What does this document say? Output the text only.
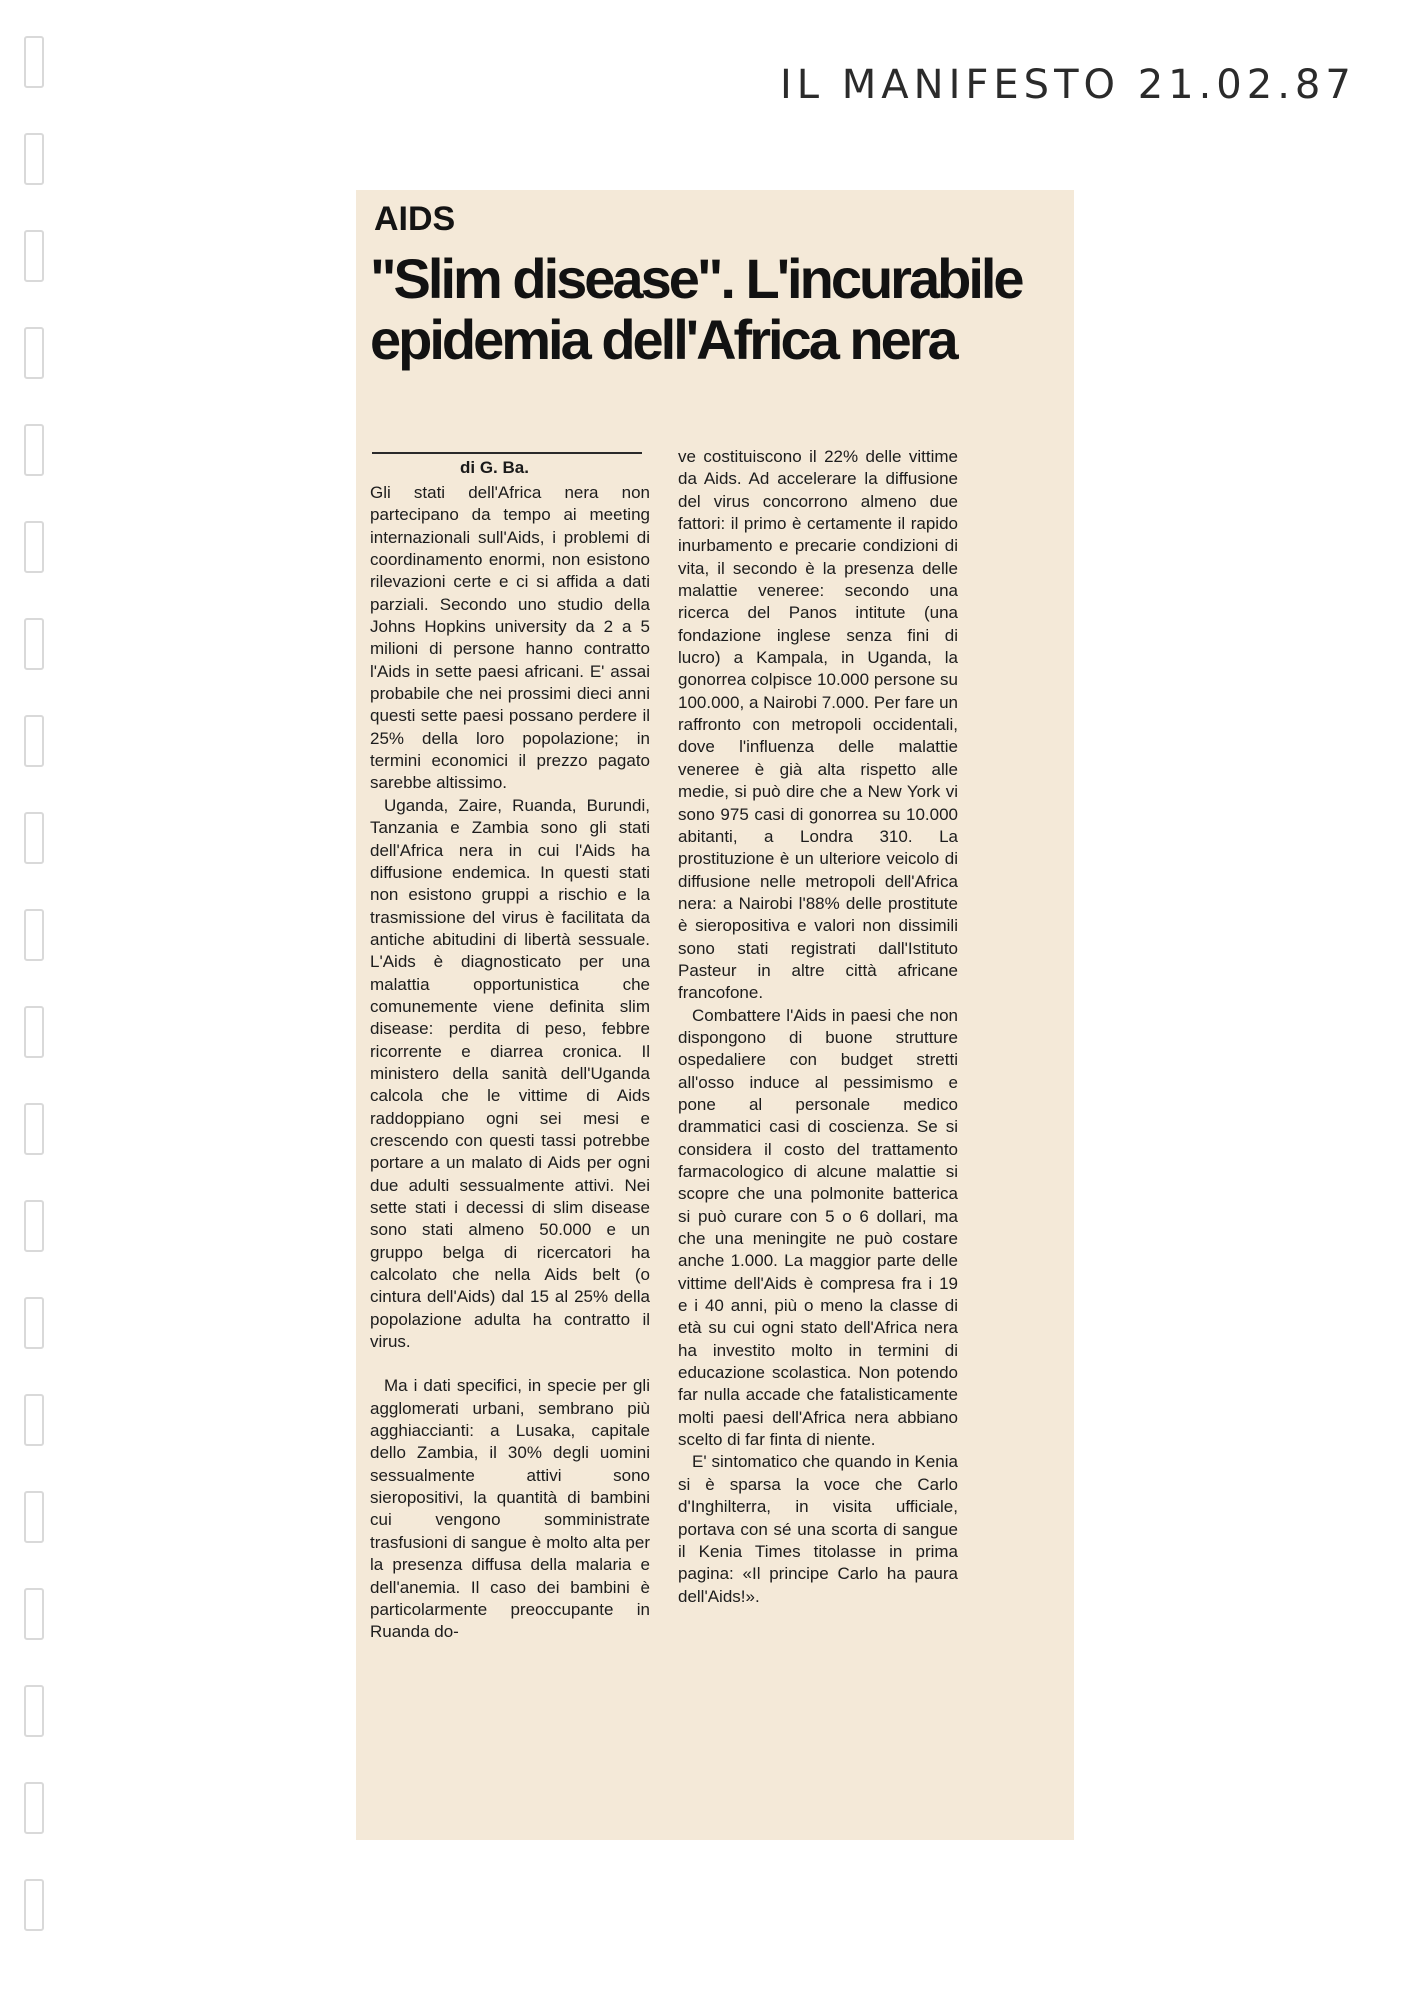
IL MANIFESTO 21.02.87
AIDS
"Slim disease". L'incurabile epidemia dell'Africa nera
di G. Ba.

Gli stati dell'Africa nera non partecipano da tempo ai meeting internazionali sull'Aids, i problemi di coordinamento enormi, non esistono rilevazioni certe e ci si affida a dati parziali. Secondo uno studio della Johns Hopkins university da 2 a 5 milioni di persone hanno contratto l'Aids in sette paesi africani. E' assai probabile che nei prossimi dieci anni questi sette paesi possano perdere il 25% della loro popolazione; in termini economici il prezzo pagato sarebbe altissimo.

Uganda, Zaire, Ruanda, Burundi, Tanzania e Zambia sono gli stati dell'Africa nera in cui l'Aids ha diffusione endemica. In questi stati non esistono gruppi a rischio e la trasmissione del virus è facilitata da antiche abitudini di libertà sessuale. L'Aids è diagnosticato per una malattia opportunistica che comunemente viene definita slim disease: perdita di peso, febbre ricorrente e diarrea cronica. Il ministero della sanità dell'Uganda calcola che le vittime di Aids raddoppiano ogni sei mesi e crescendo con questi tassi potrebbe portare a un malato di Aids per ogni due adulti sessualmente attivi. Nei sette stati i decessi di slim disease sono stati almeno 50.000 e un gruppo belga di ricercatori ha calcolato che nella Aids belt (o cintura dell'Aids) dal 15 al 25% della popolazione adulta ha contratto il virus.

Ma i dati specifici, in specie per gli agglomerati urbani, sembrano più agghiaccianti: a Lusaka, capitale dello Zambia, il 30% degli uomini sessualmente attivi sono sieropositivi, la quantità di bambini cui vengono somministrate trasfusioni di sangue è molto alta per la presenza diffusa della malaria e dell'anemia. Il caso dei bambini è particolarmente preoccupante in Ruanda do-

ve costituiscono il 22% delle vittime da Aids. Ad accelerare la diffusione del virus concorrono almeno due fattori: il primo è certamente il rapido inurbamento e precarie condizioni di vita, il secondo è la presenza delle malattie veneree: secondo una ricerca del Panos intitute (una fondazione inglese senza fini di lucro) a Kampala, in Uganda, la gonorrea colpisce 10.000 persone su 100.000, a Nairobi 7.000. Per fare un raffronto con metropoli occidentali, dove l'influenza delle malattie veneree è già alta rispetto alle medie, si può dire che a New York vi sono 975 casi di gonorrea su 10.000 abitanti, a Londra 310. La prostituzione è un ulteriore veicolo di diffusione nelle metropoli dell'Africa nera: a Nairobi l'88% delle prostitute è sieropositiva e valori non dissimili sono stati registrati dall'Istituto Pasteur in altre città africane francofone.

Combattere l'Aids in paesi che non dispongono di buone strutture ospedaliere con budget stretti all'osso induce al pessimismo e pone al personale medico drammatici casi di coscienza. Se si considera il costo del trattamento farmacologico di alcune malattie si scopre che una polmonite batterica si può curare con 5 o 6 dollari, ma che una meningite ne può costare anche 1.000. La maggior parte delle vittime dell'Aids è compresa fra i 19 e i 40 anni, più o meno la classe di età su cui ogni stato dell'Africa nera ha investito molto in termini di educazione scolastica. Non potendo far nulla accade che fatalisticamente molti paesi dell'Africa nera abbiano scelto di far finta di niente.

E' sintomatico che quando in Kenia si è sparsa la voce che Carlo d'Inghilterra, in visita ufficiale, portava con sé una scorta di sangue il Kenia Times titolasse in prima pagina: «Il principe Carlo ha paura dell'Aids!».
